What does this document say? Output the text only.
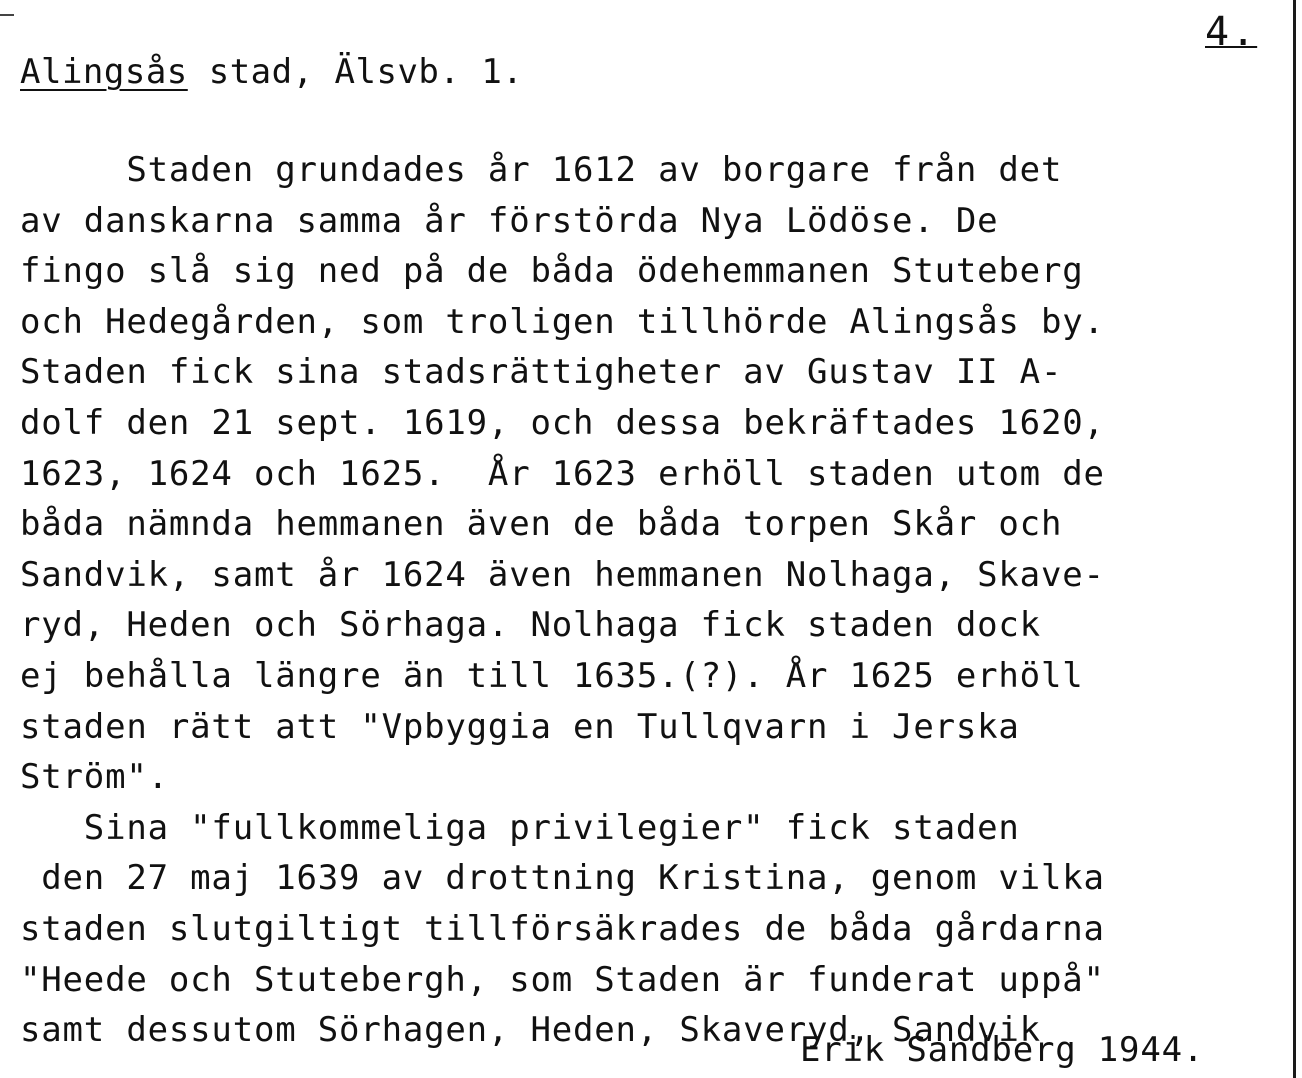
4.
Alingsås stad, Älsvb. 1.
Staden grundades år 1612 av borgare från det
av danskarna samma år förstörda Nya Lödöse. De
fingo slå sig ned på de båda ödehemmanen Stuteberg
och Hedegården, som troligen tillhörde Alingsås by.
Staden fick sina stadsrättigheter av Gustav II A-
dolf den 21 sept. 1619, och dessa bekräftades 1620,
1623, 1624 och 1625.  År 1623 erhöll staden utom de
båda nämnda hemmanen även de båda torpen Skår och
Sandvik, samt år 1624 även hemmanen Nolhaga, Skave-
ryd, Heden och Sörhaga. Nolhaga fick staden dock
ej behålla längre än till 1635.(?). År 1625 erhöll
staden rätt att "Vpbyggia en Tullqvarn i Jerska
Ström".
Sina "fullkommeliga privilegier" fick staden
den 27 maj 1639 av drottning Kristina, genom vilka
staden slutgiltigt tillförsäkrades de båda gårdarna
"Heede och Stutebergh, som Staden är funderat uppå"
samt dessutom Sörhagen, Heden, Skaveryd, Sandvik
Erik Sandberg 1944.
